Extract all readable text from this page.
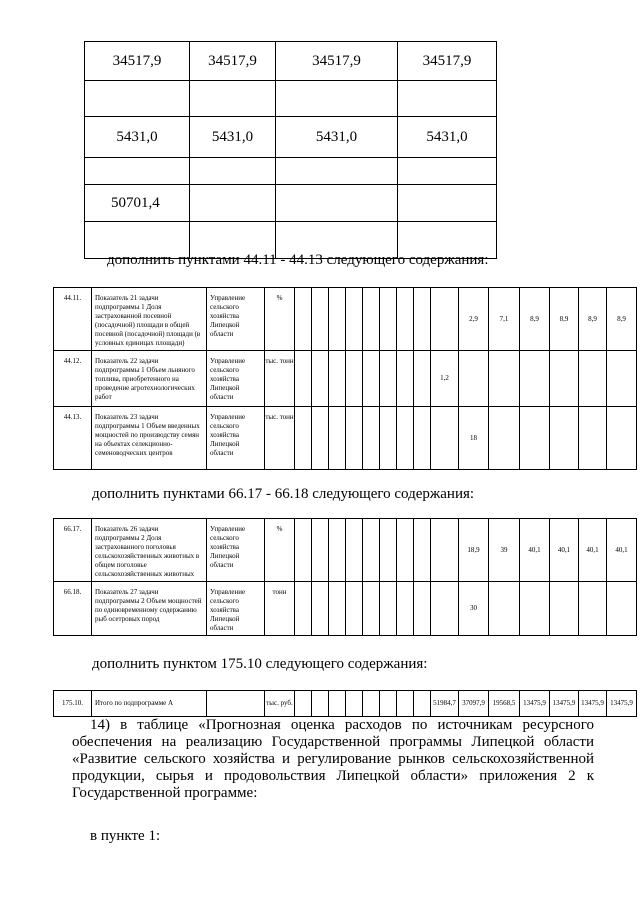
34517,9	34517,9	34517,9	34517,9

5431,0	5431,0	5431,0	5431,0

50701,4			

дополнить пунктами 44.11 - 44.13 следующего содержания:
44.11.	Показатель 21 задачи подпрограммы 1 Доля застрахованной посевной (посадочной) площади в общей посевной (посадочной) площади (в условных единицах площади)	Управление сельского хозяйства Липецкой области	%										2,9	7,1	8,9	8,9	8,9	8,9
44.12.	Показатель 22 задачи подпрограммы 1 Объем льняного топлива, приобретенного на проведение агротехнологических работ	Управление сельского хозяйства Липецкой области	тыс. тонн									1,2						
44.13.	Показатель 23 задачи подпрограммы 1 Объем введенных мощностей по производству семян на объектах селекционно-семеноводческих центров	Управление сельского хозяйства Липецкой области	тыс. тонн										18					
дополнить пунктами 66.17 - 66.18 следующего содержания:
66.17.	Показатель 26 задачи подпрограммы 2 Доля застрахованного поголовья сельскохозяйственных животных в общем поголовье сельскохозяйственных животных	Управление сельского хозяйства Липецкой области	%										18,9	39	40,1	40,1	40,1	40,1
66.18.	Показатель 27 задачи подпрограммы 2 Объем мощностей по единовременному содержанию рыб осетровых пород	Управление сельского хозяйства Липецкой области	тонн										30					
дополнить пунктом 175.10 следующего содержания:
175.10.	Итого по подпрограмме А		тыс. руб.									51984,7	37097,9	19568,5	13475,9	13475,9	13475,9	13475,9
14) в таблице «Прогнозная оценка расходов по источникам ресурсного обеспечения на реализацию Государственной программы Липецкой области «Развитие сельского хозяйства и регулирование рынков сельскохозяйственной продукции, сырья и продовольствия Липецкой области» приложения 2 к Государственной программе:
в пункте 1:
